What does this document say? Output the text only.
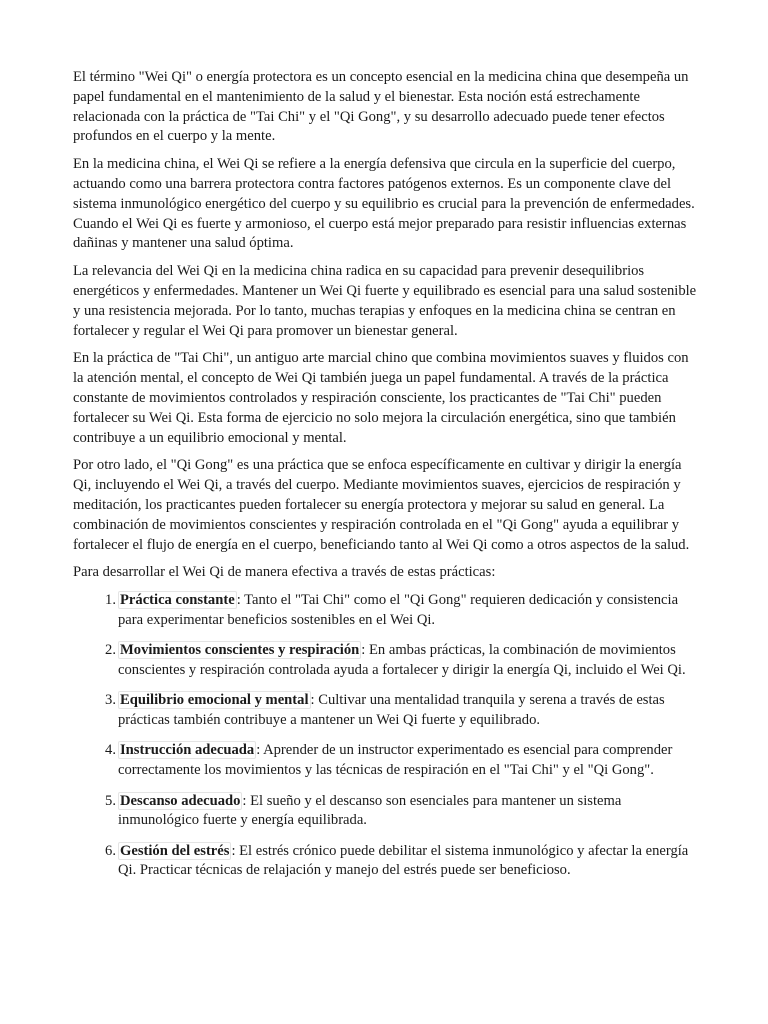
El término "Wei Qi" o energía protectora es un concepto esencial en la medicina china que desempeña un papel fundamental en el mantenimiento de la salud y el bienestar. Esta noción está estrechamente relacionada con la práctica de "Tai Chi" y el "Qi Gong", y su desarrollo adecuado puede tener efectos profundos en el cuerpo y la mente.

En la medicina china, el Wei Qi se refiere a la energía defensiva que circula en la superficie del cuerpo, actuando como una barrera protectora contra factores patógenos externos. Es un componente clave del sistema inmunológico energético del cuerpo y su equilibrio es crucial para la prevención de enfermedades. Cuando el Wei Qi es fuerte y armonioso, el cuerpo está mejor preparado para resistir influencias externas dañinas y mantener una salud óptima.

La relevancia del Wei Qi en la medicina china radica en su capacidad para prevenir desequilibrios energéticos y enfermedades. Mantener un Wei Qi fuerte y equilibrado es esencial para una salud sostenible y una resistencia mejorada. Por lo tanto, muchas terapias y enfoques en la medicina china se centran en fortalecer y regular el Wei Qi para promover un bienestar general.

En la práctica de "Tai Chi", un antiguo arte marcial chino que combina movimientos suaves y fluidos con la atención mental, el concepto de Wei Qi también juega un papel fundamental. A través de la práctica constante de movimientos controlados y respiración consciente, los practicantes de "Tai Chi" pueden fortalecer su Wei Qi. Esta forma de ejercicio no solo mejora la circulación energética, sino que también contribuye a un equilibrio emocional y mental.

Por otro lado, el "Qi Gong" es una práctica que se enfoca específicamente en cultivar y dirigir la energía Qi, incluyendo el Wei Qi, a través del cuerpo. Mediante movimientos suaves, ejercicios de respiración y meditación, los practicantes pueden fortalecer su energía protectora y mejorar su salud en general. La combinación de movimientos conscientes y respiración controlada en el "Qi Gong" ayuda a equilibrar y fortalecer el flujo de energía en el cuerpo, beneficiando tanto al Wei Qi como a otros aspectos de la salud.

Para desarrollar el Wei Qi de manera efectiva a través de estas prácticas:

1. Práctica constante : Tanto el "Tai Chi" como el "Qi Gong" requieren dedicación y consistencia para experimentar beneficios sostenibles en el Wei Qi.
2. Movimientos conscientes y respiración : En ambas prácticas, la combinación de movimientos conscientes y respiración controlada ayuda a fortalecer y dirigir la energía Qi, incluido el Wei Qi.
3. Equilibrio emocional y mental : Cultivar una mentalidad tranquila y serena a través de estas prácticas también contribuye a mantener un Wei Qi fuerte y equilibrado.
4. Instrucción adecuada : Aprender de un instructor experimentado es esencial para comprender correctamente los movimientos y las técnicas de respiración en el "Tai Chi" y el "Qi Gong".
5. Descanso adecuado : El sueño y el descanso son esenciales para mantener un sistema inmunológico fuerte y energía equilibrada.
6. Gestión del estrés : El estrés crónico puede debilitar el sistema inmunológico y afectar la energía Qi. Practicar técnicas de relajación y manejo del estrés puede ser beneficioso.
